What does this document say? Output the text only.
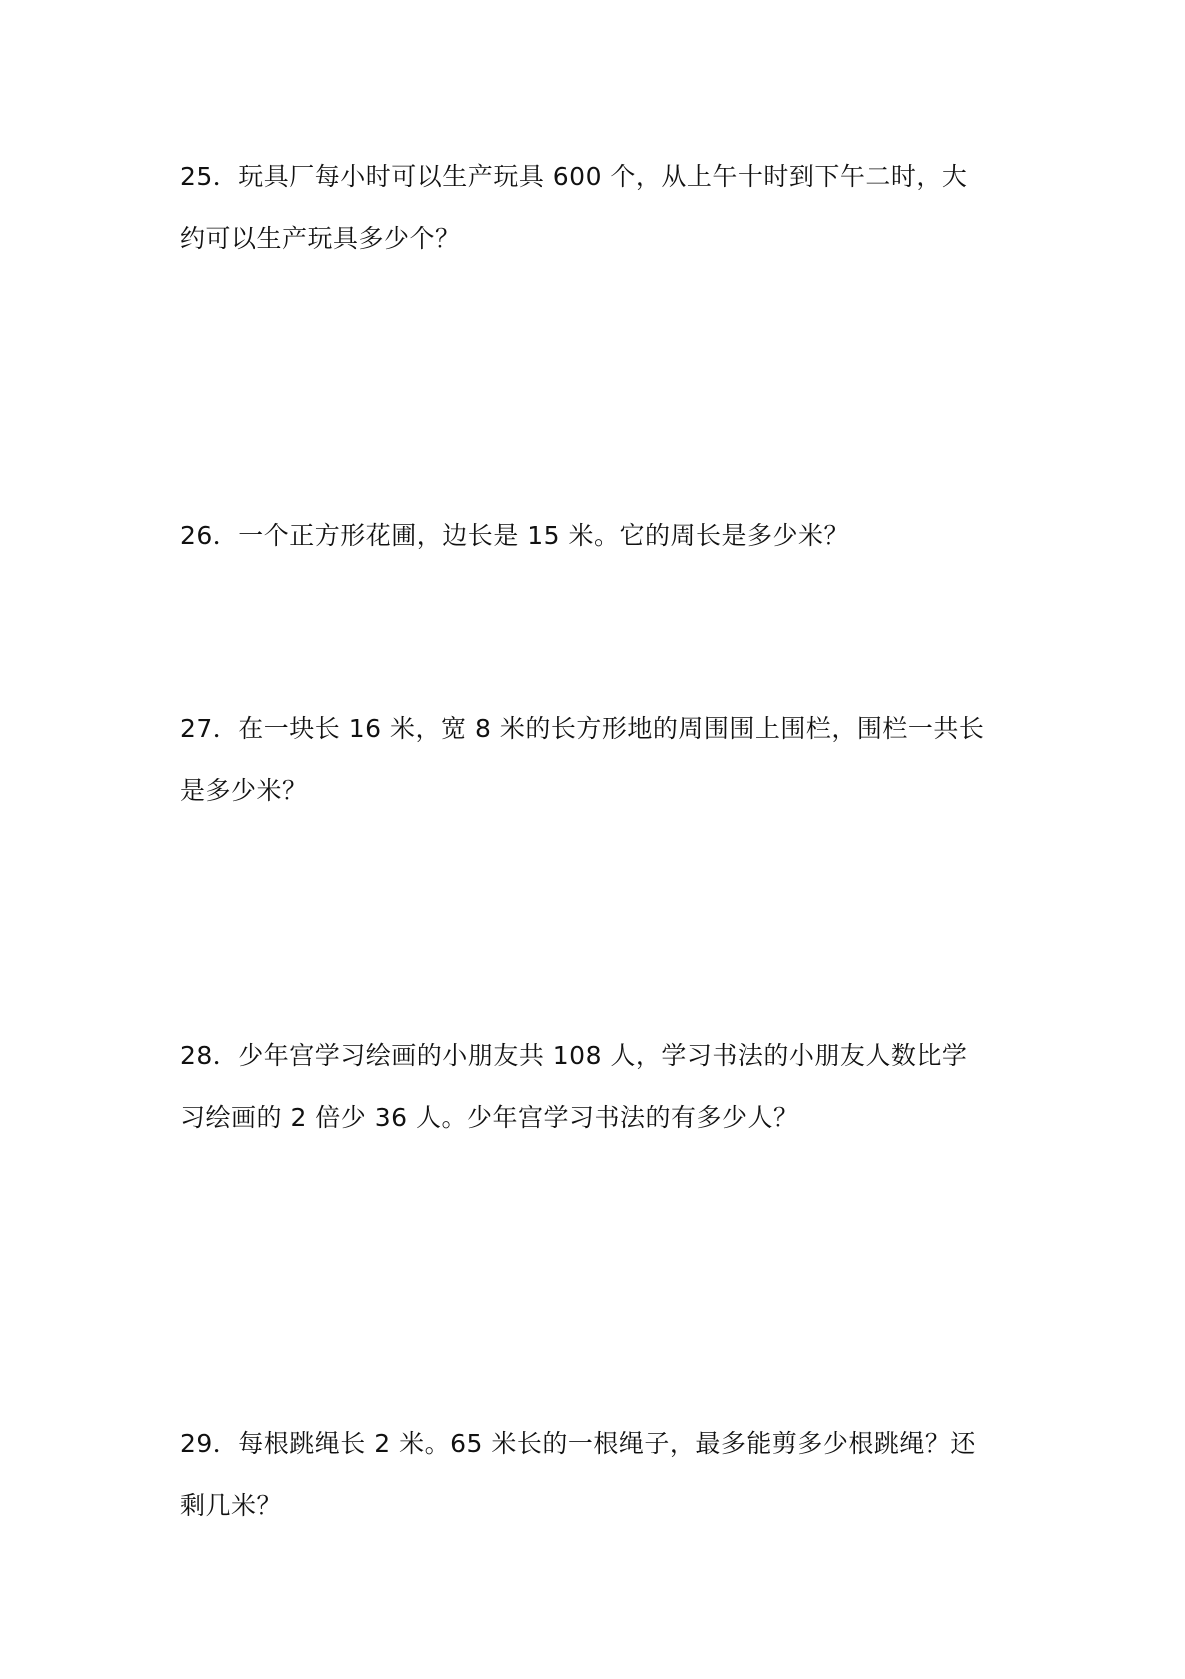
25．玩具厂每小时可以生产玩具 600 个，从上午十时到下午二时，大
约可以生产玩具多少个？
26．一个正方形花圃，边长是 15 米。它的周长是多少米？
27．在一块长 16 米，宽 8 米的长方形地的周围围上围栏，围栏一共长
是多少米？
28．少年宫学习绘画的小朋友共 108 人，学习书法的小朋友人数比学
习绘画的 2 倍少 36 人。少年宫学习书法的有多少人？
29．每根跳绳长 2 米。65 米长的一根绳子，最多能剪多少根跳绳？还
剩几米？
